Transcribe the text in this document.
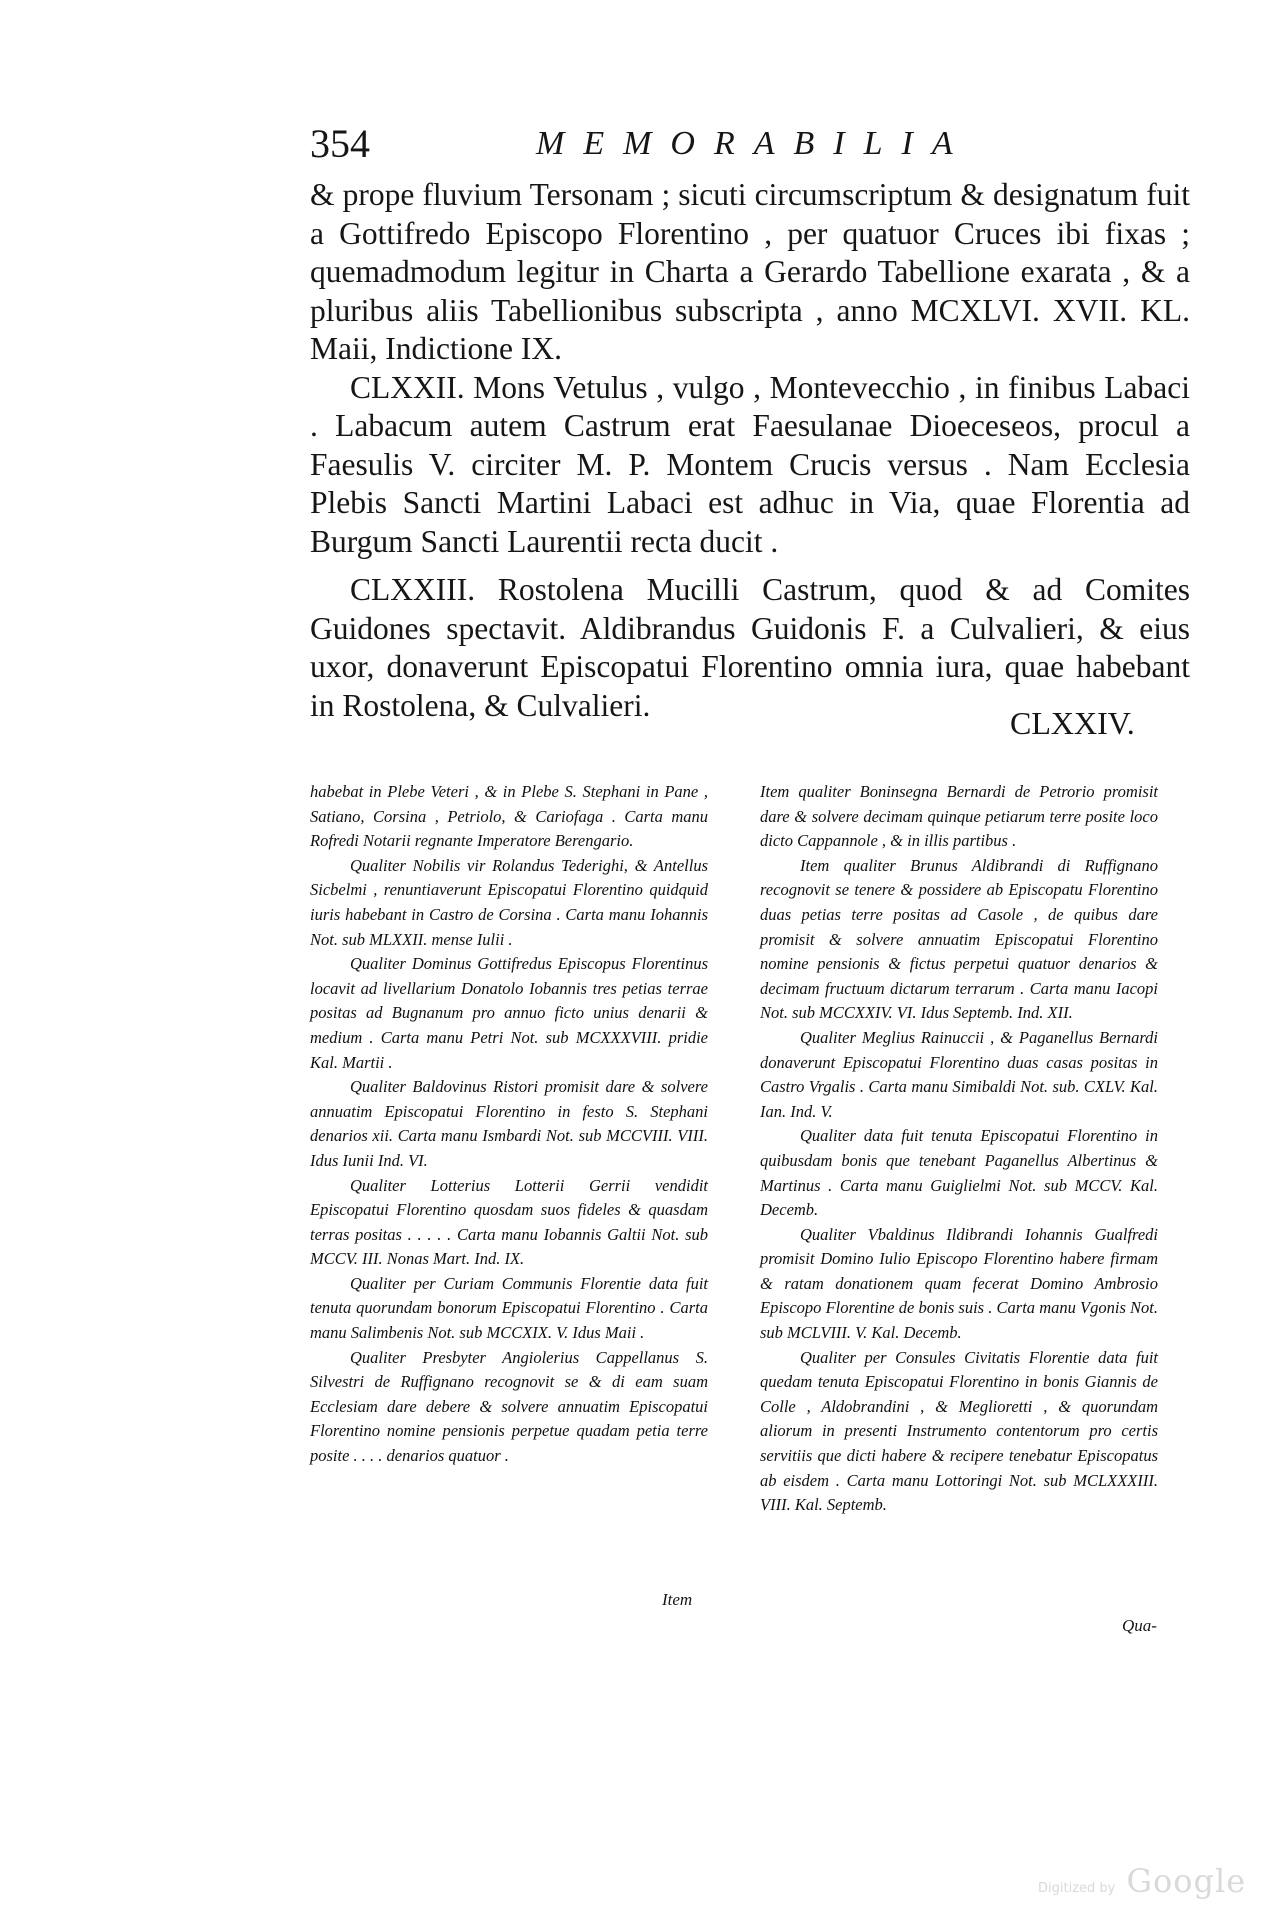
354	MEMORABILIA

& prope fluvium Tersonam ; sicuti circumscriptum & designatum fuit a Gottifredo Episcopo Florentino , per quatuor Cruces ibi fixas ; quemadmodum legitur in Charta a Gerardo Tabellione exarata , & a pluribus aliis Tabellionibus subscripta , anno MCXLVI. XVII. KL. Maii, Indictione IX.

CLXXII. Mons Vetulus , vulgo , Montevecchio , in finibus Labaci . Labacum autem Castrum erat Faesulanae Dioeceseos, procul a Faesulis V. circiter M. P. Montem Crucis versus . Nam Ecclesia Plebis Sancti Martini Labaci est adhuc in Via, quae Florentia ad Burgum Sancti Laurentii recta ducit .

CLXXIII. Rostolena Mucilli Castrum, quod & ad Comites Guidones spectavit. Aldibrandus Guidonis F. a Culvalieri, & eius uxor, donaverunt Episcopatui Florentino omnia iura, quae habebant in Rostolena, & Culvalieri.	CLXXIV.

habebat in Plebe Veteri , & in Plebe S. Stephani in Pane , Satiano, Corsina , Petriolo, & Cariofaga . Carta manu Rofredi Notarii regnante Imperatore Berengario.

Qualiter Nobilis vir Rolandus Tederighi, & Antellus Sicbelmi , renuntiaverunt Episcopatui Florentino quidquid iuris habebant in Castro de Corsina . Carta manu Iohannis Not. sub MLXXII. mense Iulii .

Qualiter Dominus Gottifredus Episcopus Florentinus locavit ad livellarium Donatolo Iobannis tres petias terrae positas ad Bugnanum pro annuo ficto unius denarii & medium . Carta manu Petri Not. sub MCXXXVIII. pridie Kal. Martii .

Qualiter Baldovinus Ristori promisit dare & solvere annuatim Episcopatui Florentino in festo S. Stephani denarios xii. Carta manu Ismbardi Not. sub MCCVIII. VIII. Idus Iunii Ind. VI.

Qualiter Lotterius Lotterii Gerrii vendidit Episcopatui Florentino quosdam suos fideles & quasdam terras positas . . . . . Carta manu Iobannis Galtii Not. sub MCCV. III. Nonas Mart. Ind. IX.

Qualiter per Curiam Communis Florentie data fuit tenuta quorundam bonorum Episcopatui Florentino . Carta manu Salimbenis Not. sub MCCXIX. V. Idus Maii .

Qualiter Presbyter Angiolerius Cappellanus S. Silvestri de Ruffignano recognovit se & di eam suam Ecclesiam dare debere & solvere annuatim Episcopatui Florentino nomine pensionis perpetue quadam petia terre posite . . . . denarios quatuor .

Item

Item qualiter Boninsegna Bernardi de Petrorio promisit dare & solvere decimam quinque petiarum terre posite loco dicto Cappannole , & in illis partibus .

Item qualiter Brunus Aldibrandi di Ruffignano recognovit se tenere & possidere ab Episcopatu Florentino duas petias terre positas ad Casole , de quibus dare promisit & solvere annuatim Episcopatui Florentino nomine pensionis & fictus perpetui quatuor denarios & decimam fructuum dictarum terrarum . Carta manu Iacopi Not. sub MCCXXIV. VI. Idus Septemb. Ind. XII.

Qualiter Meglius Rainuccii , & Paganellus Bernardi donaverunt Episcopatui Florentino duas casas positas in Castro Vrgalis . Carta manu Simibaldi Not. sub. CXLV. Kal. Ian. Ind. V.

Qualiter data fuit tenuta Episcopatui Florentino in quibusdam bonis que tenebant Paganellus Albertinus & Martinus . Carta manu Guiglielmi Not. sub MCCV. Kal. Decemb.

Qualiter Vbaldinus Ildibrandi Iohannis Gualfredi promisit Domino Iulio Episcopo Florentino habere firmam & ratam donationem quam fecerat Domino Ambrosio Episcopo Florentine de bonis suis . Carta manu Vgonis Not. sub MCLVIII. V. Kal. Decemb.

Qualiter per Consules Civitatis Florentie data fuit quedam tenuta Episcopatui Florentino in bonis Giannis de Colle , Aldobrandini , & Meglioretti , & quorundam aliorum in presenti Instrumento contentorum pro certis servitiis que dicti habere & recipere tenebatur Episcopatus ab eisdem . Carta manu Lottoringi Not. sub MCLXXXIII. VIII. Kal. Septemb.

Qua-
Digitized by Google
